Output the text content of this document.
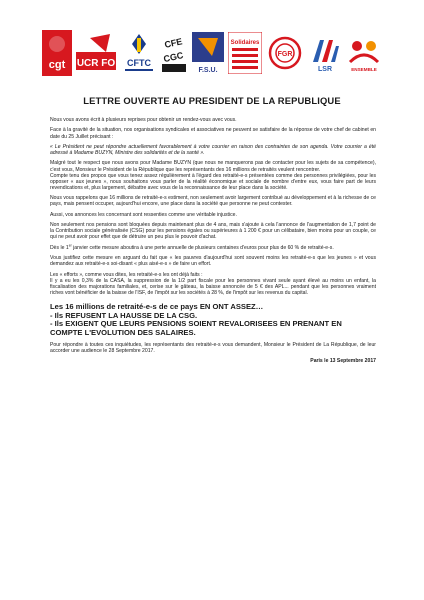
cgt UCR FO CFTC
CFE
CGC
F.S.U.
Solidaires
FGR
LSR	ENSEMBLE
LETTRE OUVERTE AU PRESIDENT DE LA REPUBLIQUE

Nous vous avons écrit à plusieurs reprises pour obtenir un rendez-vous avec vous.

Face à la gravité de la situation, nos organisations syndicales et associatives ne peuvent se satisfaire de la réponse de votre chef de cabinet en date du 25 Juillet précisant :

« Le Président ne peut répondre actuellement favorablement à votre courrier en raison des contraintes de son agenda. Votre courrier a été adressé à Madame BUZYN, Ministre des solidarités et de la santé ».

Malgré tout le respect que nous avons pour Madame BUZYN (que nous ne manquerons pas de contacter pour les sujets de sa compétence), c'est vous, Monsieur le Président de la République que les représentants des 16 millions de retraités veulent rencontrer.

Compte tenu des propos que vous tenez assez régulièrement à l'égard des retraité-e-s présentées comme des personnes privilégiées, pour les opposer « aux jeunes », nous souhaitons vous parler de la réalité économique et sociale de nombre d'entre eux, vous faire part de leurs revendications et, plus largement, débattre avec vous de la reconnaissance de leur place dans la société.

Nous vous rappelons que 16 millions de retraité-e-s estiment, non seulement avoir largement contribué au développement et à la richesse de ce pays, mais pensent occuper, aujourd'hui encore, une place dans la société que personne ne peut contester.

Aussi, vos annonces les concernant sont ressenties comme une véritable injustice.

Non seulement nos pensions sont bloquées depuis maintenant plus de 4 ans, mais s'ajoute à cela l'annonce de l'augmentation de 1,7 point de la Contribution sociale généralisée (CSG) pour les pensions égales ou supérieures à 1 200 € pour un célibataire, bien moins pour un couple, ce qui ne peut avoir pour effet que de détruire un peu plus le pouvoir d'achat.

Dès le 1er janvier cette mesure aboutira à une perte annuelle de plusieurs centaines d'euros pour plus de 60 % de retraité-e-s.

Vous justifiez cette mesure en arguant du fait que « les pauvres d'aujourd'hui sont souvent moins les retraité-e-s que les jeunes » et vous demandez aux retraité-e-s soi-disant « plus aisé-e-s » de faire un effort.

Les « efforts », comme vous dites, les retraité-e-s les ont déjà faits :

Il y a eu les 0,3% de la CASA, la suppression de la 1/2 part fiscale pour les personnes vivant seule ayant élevé au moins un enfant, la fiscalisation des majorations familiales, et, cerise sur le gâteau, la baisse annoncée de 5 € des APL... pendant que les personnes vraiment riches vont bénéficier de la baisse de l'ISF, de l'impôt sur les sociétés à 28 %, de l'impôt sur les revenus du capital.

Les 16 millions de retraité-e-s de ce pays EN ONT ASSEZ…
- Ils REFUSENT LA HAUSSE DE LA CSG.
- Ils EXIGENT QUE LEURS PENSIONS SOIENT REVALORISEES EN PRENANT EN COMPTE L'EVOLUTION DES SALAIRES.

Pour répondre à toutes ces inquiétudes, les représentants des retraité-e-s vous demandent, Monsieur le Président de La République, de leur accorder une audience le 28 Septembre 2017.

Paris le 13 Septembre 2017
